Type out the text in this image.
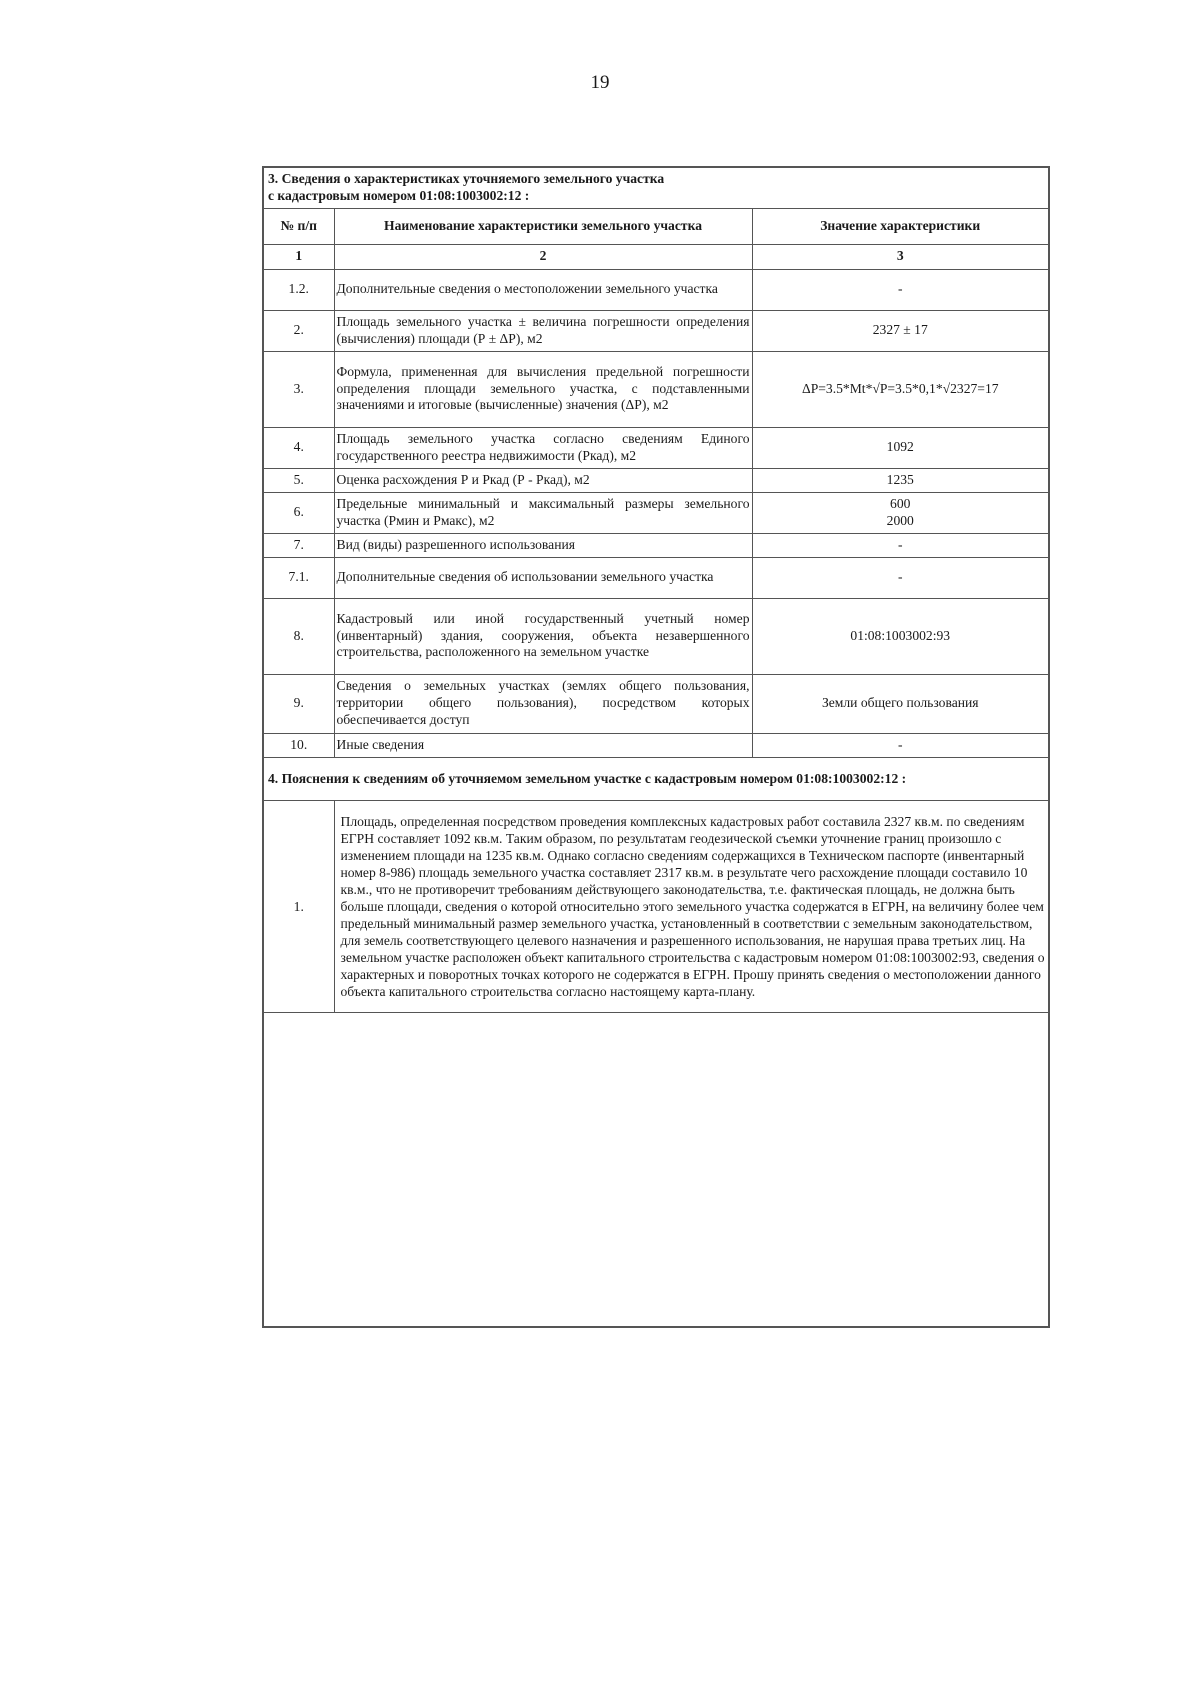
19
3. Сведения о характеристиках уточняемого земельного участка
с кадастровым номером 01:08:1003002:12 :		

№ п/п	Наименование характеристики земельного участка	Значение характеристики
1	2	3
1.2.	Дополнительные сведения о местоположении земельного участка	-
2.	Площадь земельного участка ± величина погрешности определения (вычисления) площади (Р ± ΔР), м2	2327 ± 17
3.	Формула, примененная для вычисления предельной погрешности определения площади земельного участка, с подставленными значениями и итоговые (вычисленные) значения (ΔР), м2	ΔР=3.5*Mt*√P=3.5*0,1*√2327=17
4.	Площадь земельного участка согласно сведениям Единого государственного реестра недвижимости (Ркад), м2	1092
5.	Оценка расхождения Р и Ркад (Р - Ркад), м2	1235
6.	Предельные минимальный и максимальный размеры земельного участка (Рмин и Рмакс), м2	600
2000

7.	Вид (виды) разрешенного использования	-
7.1.	Дополнительные сведения об использовании земельного участка	-
8.	Кадастровый или иной государственный учетный номер (инвентарный) здания, сооружения, объекта незавершенного строительства, расположенного на земельном участке	01:08:1003002:93
9.	Сведения о земельных участках (землях общего пользования, территории общего пользования), посредством которых обеспечивается доступ	Земли общего пользования
10.	Иные сведения	-
4. Пояснения к сведениям об уточняемом земельном участке с кадастровым номером 01:08:1003002:12 :
1.	Площадь, определенная посредством проведения комплексных кадастровых работ составила 2327 кв.м. по сведениям ЕГРН составляет 1092 кв.м. Таким образом, по результатам геодезической съемки уточнение границ произошло с изменением площади на 1235 кв.м. Однако согласно сведениям содержащихся в Техническом паспорте (инвентарный номер 8-986) площадь земельного участка составляет 2317 кв.м. в результате чего расхождение площади составило 10 кв.м., что не противоречит требованиям действующего законодательства, т.е. фактическая площадь, не должна быть больше площади, сведения о которой относительно этого земельного участка содержатся в ЕГРН, на величину более чем предельный минимальный размер земельного участка, установленный в соответствии с земельным законодательством, для земель соответствующего целевого назначения и разрешенного использования, не нарушая права третьих лиц. На земельном участке расположен объект капитального строительства с кадастровым номером 01:08:1003002:93, сведения о характерных и поворотных точках которого не содержатся в ЕГРН. Прошу принять сведения о местоположении данного объекта капитального строительства согласно настоящему карта-плану.
